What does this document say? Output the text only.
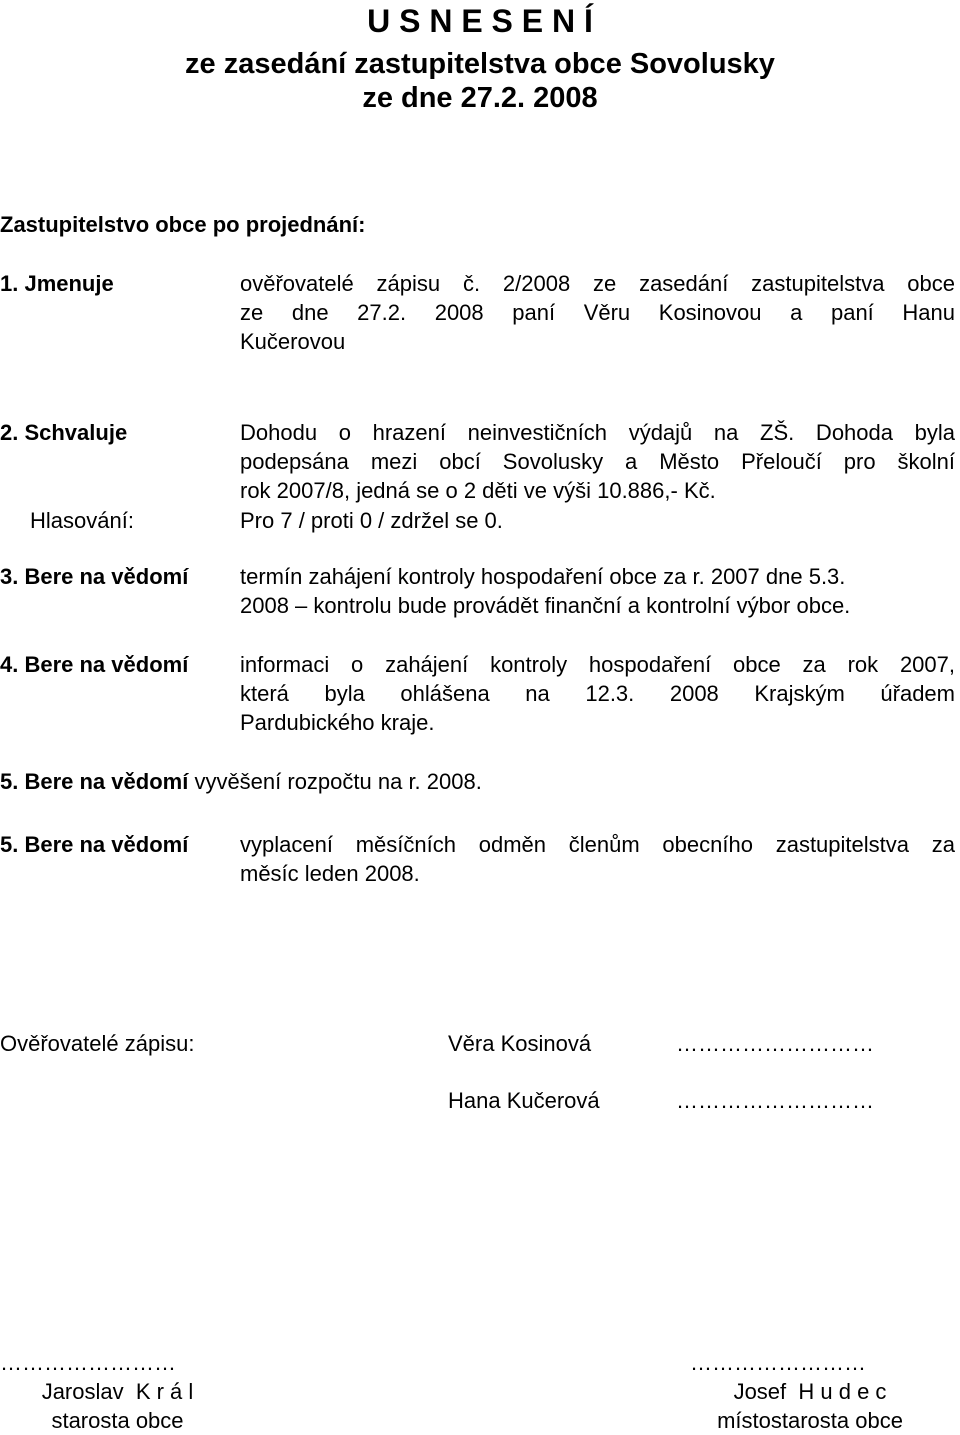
U S N E S E N Í
ze zasedání zastupitelstva obce Sovolusky
ze dne 27.2. 2008
Zastupitelstvo obce po projednání:
1. Jmenuje	ověřovatelé zápisu č. 2/2008 ze zasedání zastupitelstva obce
ze dne 27.2. 2008 paní Věru Kosinovou a paní Hanu
Kučerovou
2. Schvaluje	Dohodu o hrazení neinvestičních výdajů na ZŠ. Dohoda byla
podepsána mezi obcí Sovolusky a Město Přeloučí pro školní
rok 2007/8, jedná se o 2 děti ve výši 10.886,- Kč.
Hlasování:	Pro 7 / proti 0 / zdržel se 0.
3. Bere na vědomí termín zahájení kontroly hospodaření obce za r. 2007 dne 5.3.
2008 – kontrolu bude provádět finanční a kontrolní výbor obce.
4. Bere na vědomí informaci o zahájení kontroly hospodaření obce za rok 2007,
která byla ohlášena na 12.3. 2008 Krajským úřadem
Pardubického kraje.
5. Bere na vědomí vyvěšení rozpočtu na r. 2008.
5. Bere na vědomí vyplacení měsíčních odměn členům obecního zastupitelstva za
měsíc leden 2008.
Ověřovatelé zápisu:	Věra Kosinová	………………………
Hana Kučerová	………………………
……………………
Jaroslav  K r á l
starosta obce
……………………
Josef  H u d e c
místostarosta obce
